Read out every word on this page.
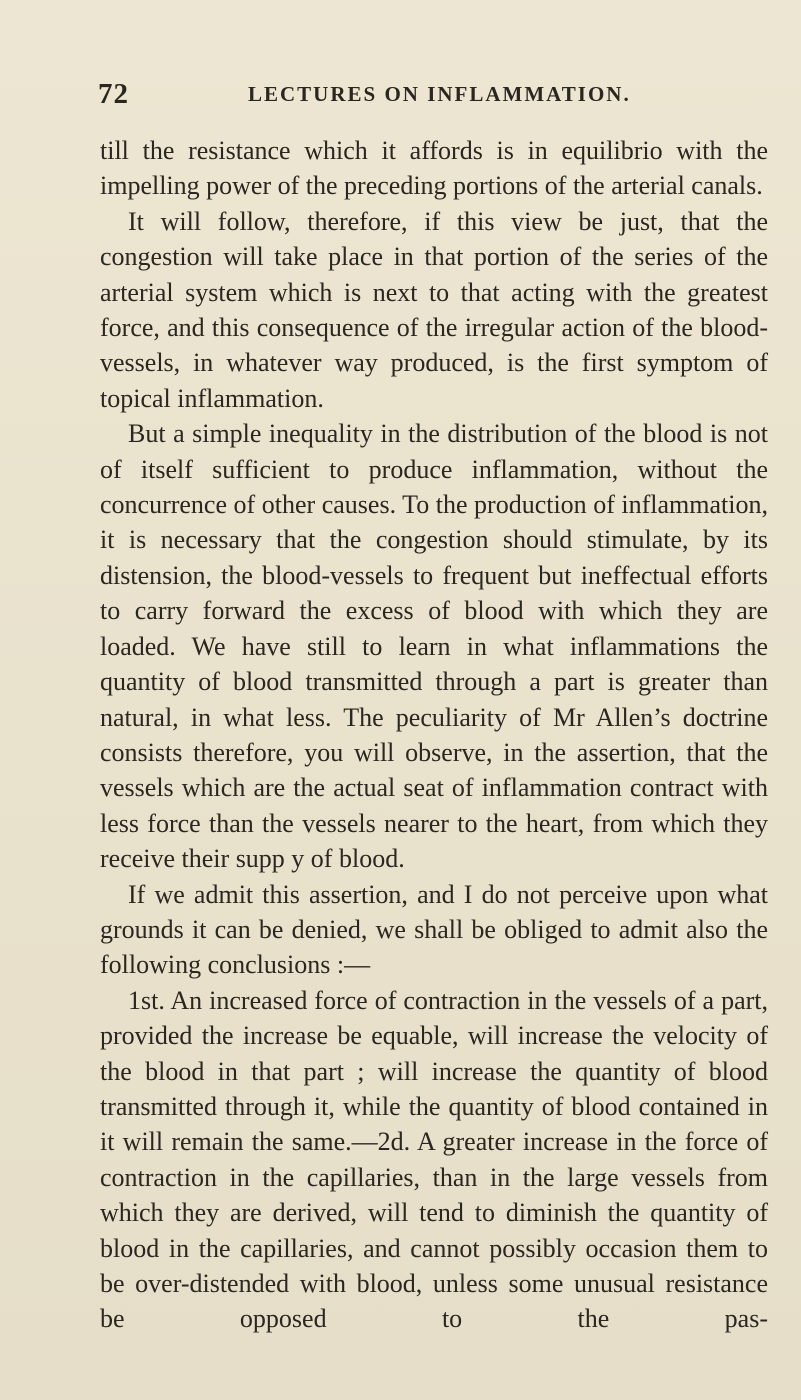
72	LECTURES ON INFLAMMATION.

till the resistance which it affords is in equilibrio with the impelling power of the preceding portions of the arterial canals.

It will follow, therefore, if this view be just, that the congestion will take place in that portion of the series of the arterial system which is next to that acting with the greatest force, and this consequence of the irregular action of the blood-vessels, in whatever way produced, is the first symptom of topical inflammation.

But a simple inequality in the distribution of the blood is not of itself sufficient to produce inflammation, without the concurrence of other causes. To the production of inflammation, it is necessary that the congestion should stimulate, by its distension, the blood-vessels to frequent but ineffectual efforts to carry forward the excess of blood with which they are loaded. We have still to learn in what inflammations the quantity of blood transmitted through a part is greater than natural, in what less. The peculiarity of Mr Allen’s doctrine consists therefore, you will observe, in the assertion, that the vessels which are the actual seat of inflammation contract with less force than the vessels nearer to the heart, from which they receive their supp y of blood.

If we admit this assertion, and I do not perceive upon what grounds it can be denied, we shall be obliged to admit also the following conclusions :—

1st. An increased force of contraction in the vessels of a part, provided the increase be equable, will increase the velocity of the blood in that part ; will increase the quantity of blood transmitted through it, while the quantity of blood contained in it will remain the same.—2d. A greater increase in the force of contraction in the capillaries, than in the large vessels from which they are derived, will tend to diminish the quantity of blood in the capillaries, and cannot possibly occasion them to be over-distended with blood, unless some unusual resistance be opposed to the pas-
